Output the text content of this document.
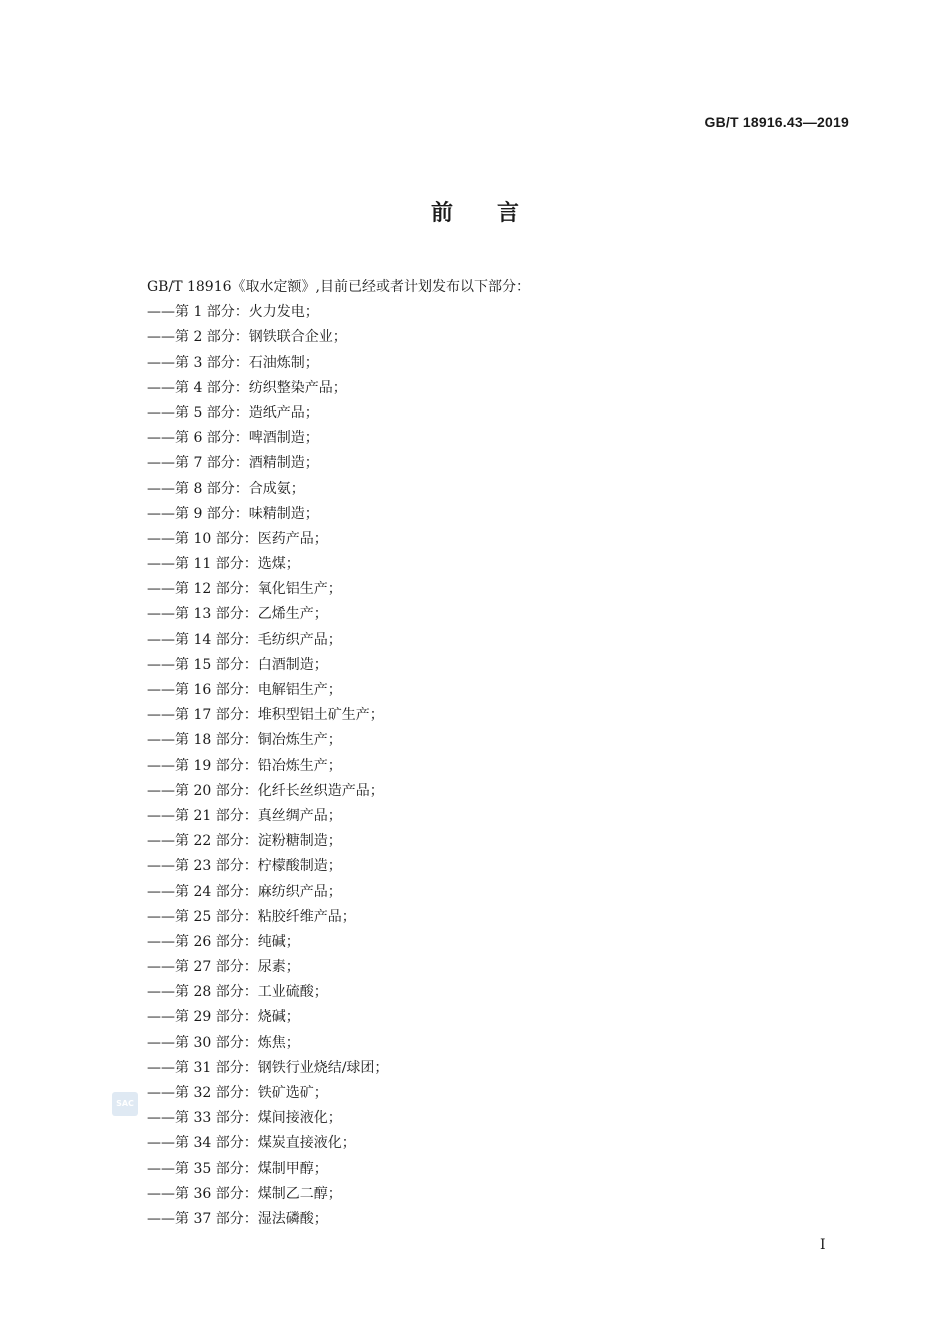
GB/T 18916.43—2019
前言
GB/T 18916《取水定额》,目前已经或者计划发布以下部分：
——第 1 部分：火力发电；
——第 2 部分：钢铁联合企业；
——第 3 部分：石油炼制；
——第 4 部分：纺织整染产品；
——第 5 部分：造纸产品；
——第 6 部分：啤酒制造；
——第 7 部分：酒精制造；
——第 8 部分：合成氨；
——第 9 部分：味精制造；
——第 10 部分：医药产品；
——第 11 部分：选煤；
——第 12 部分：氧化铝生产；
——第 13 部分：乙烯生产；
——第 14 部分：毛纺织产品；
——第 15 部分：白酒制造；
——第 16 部分：电解铝生产；
——第 17 部分：堆积型铝土矿生产；
——第 18 部分：铜冶炼生产；
——第 19 部分：铅冶炼生产；
——第 20 部分：化纤长丝织造产品；
——第 21 部分：真丝绸产品；
——第 22 部分：淀粉糖制造；
——第 23 部分：柠檬酸制造；
——第 24 部分：麻纺织产品；
——第 25 部分：粘胶纤维产品；
——第 26 部分：纯碱；
——第 27 部分：尿素；
——第 28 部分：工业硫酸；
——第 29 部分：烧碱；
——第 30 部分：炼焦；
——第 31 部分：钢铁行业烧结/球团；
——第 32 部分：铁矿选矿；
——第 33 部分：煤间接液化；
——第 34 部分：煤炭直接液化；
——第 35 部分：煤制甲醇；
——第 36 部分：煤制乙二醇；
——第 37 部分：湿法磷酸；
SAC
I
